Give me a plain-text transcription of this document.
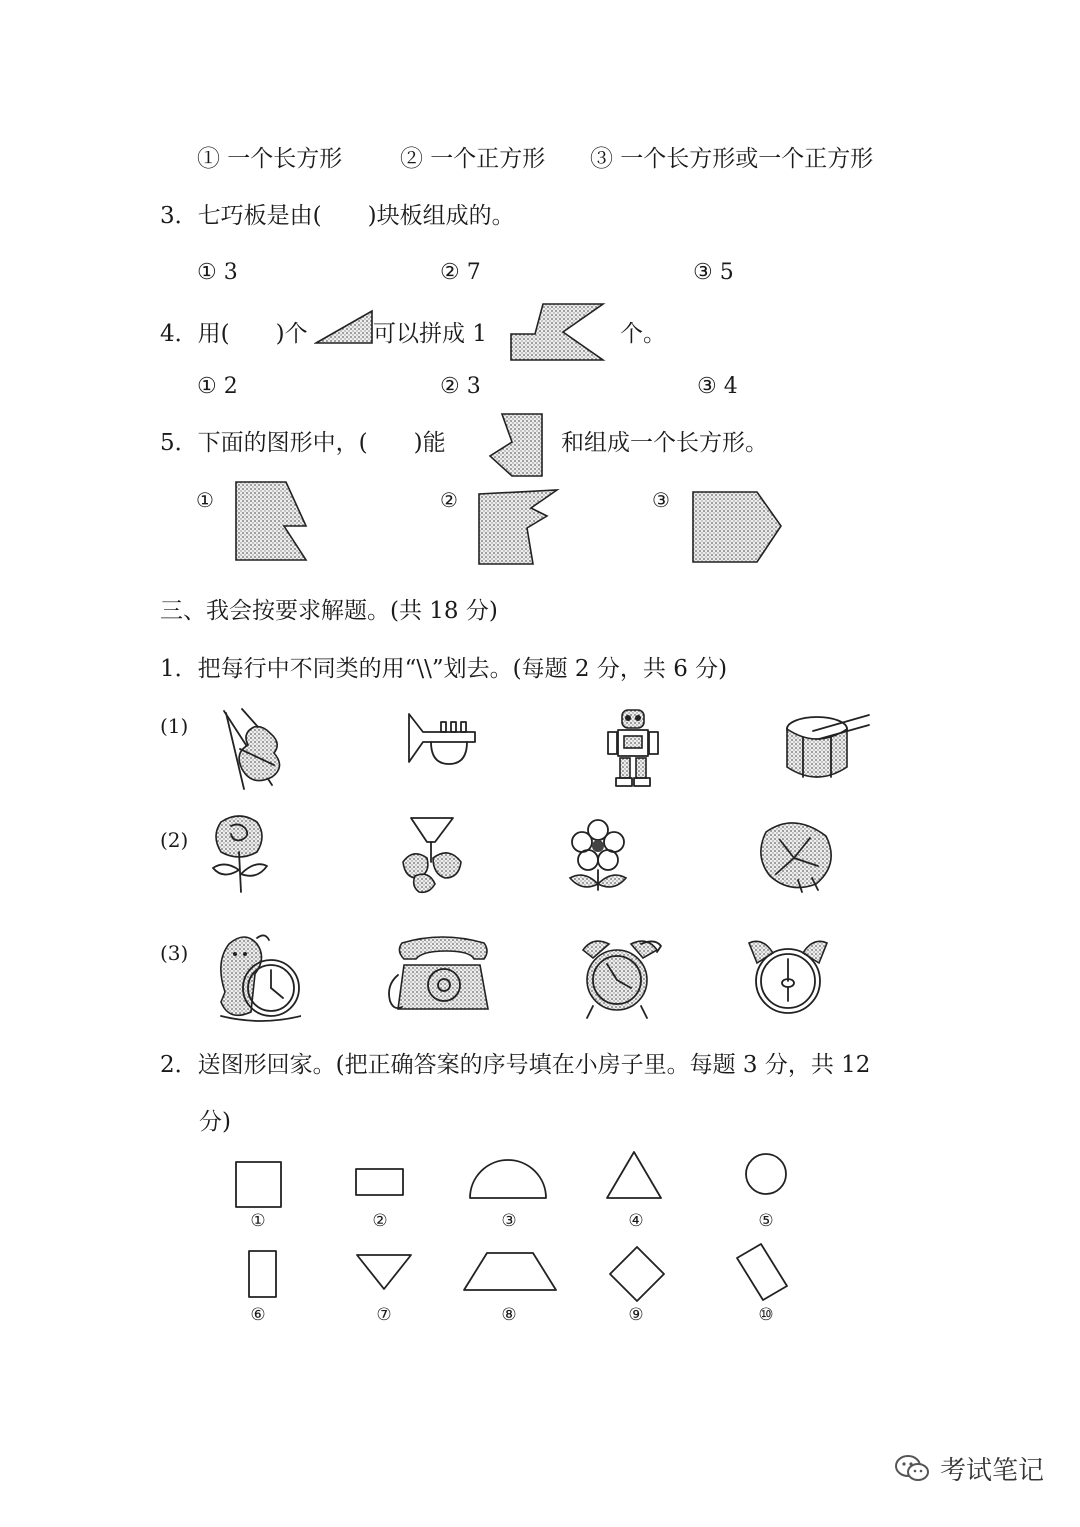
① 一个长方形	② 一个正方形 ③ 一个长方形或一个正方形
3．七巧板是由(　　)块板组成的。
① 3	② 7	③ 5
4．用(　　)个	可以拼成 1	个。
① 2	② 3	③ 4
5．下面的图形中，(　　)能	和组成一个长方形。
①	②	③
三、我会按要求解题。(共 18 分)
1．把每行中不同类的用“\\”划去。(每题 2 分，共 6 分)
(1)
(2)
(3)
2．送图形回家。(把正确答案的序号填在小房子里。每题 3 分，共 12
分)
①	②	③	④	⑤
⑥	⑦	⑧	⑨	⑩
考试笔记
